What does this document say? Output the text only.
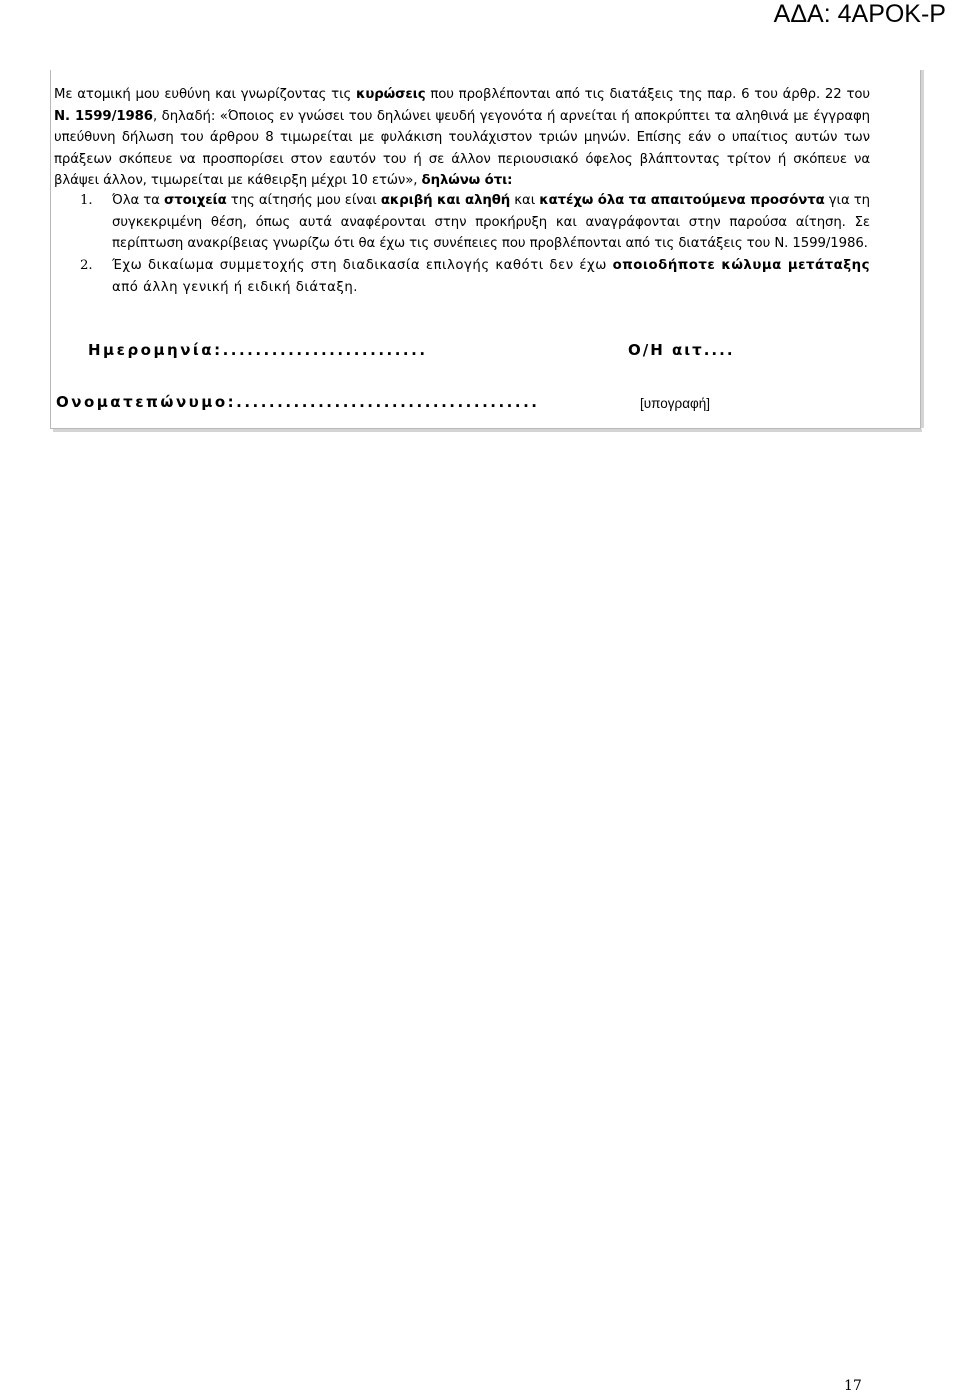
ΑΔΑ: 4ΑΡΟΚ-Ρ
Με ατομική μου ευθύνη και γνωρίζοντας τις κυρώσεις που προβλέπονται από τις διατάξεις της παρ. 6 του άρθρ. 22 του Ν. 1599/1986, δηλαδή: «Όποιος εν γνώσει του δηλώνει ψευδή γεγονότα ή αρνείται ή αποκρύπτει τα αληθινά με έγγραφη υπεύθυνη δήλωση του άρθρου 8 τιμωρείται με φυλάκιση τουλάχιστον τριών μηνών. Επίσης εάν ο υπαίτιος αυτών των πράξεων σκόπευε να προσπορίσει στον εαυτόν του ή σε άλλον περιουσιακό όφελος βλάπτοντας τρίτον ή σκόπευε να βλάψει άλλον, τιμωρείται με κάθειρξη μέχρι 10 ετών», δηλώνω ότι:
1. Όλα τα στοιχεία της αίτησής μου είναι ακριβή και αληθή και κατέχω όλα τα απαιτούμενα προσόντα για τη συγκεκριμένη θέση, όπως αυτά αναφέρονται στην προκήρυξη και αναγράφονται στην παρούσα αίτηση. Σε περίπτωση ανακρίβειας γνωρίζω ότι θα έχω τις συνέπειες που προβλέπονται από τις διατάξεις του Ν. 1599/1986.
2. Έχω δικαίωμα συμμετοχής στη διαδικασία επιλογής καθότι δεν έχω οποιοδήποτε κώλυμα μετάταξης από άλλη γενική ή ειδική διάταξη.
Ημερομηνία:.........................	Ο/Η αιτ....
Ονοματεπώνυμο:.....................................	[υπογραφή]
17
